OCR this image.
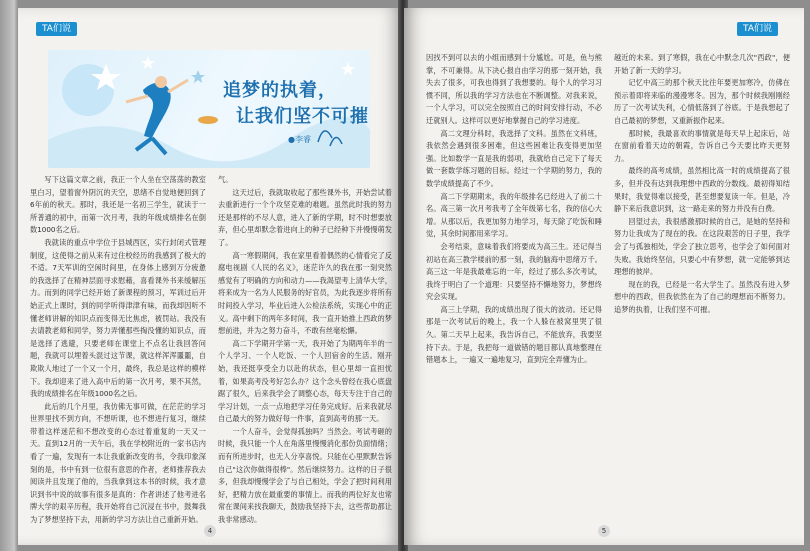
TA们说
追梦的执着，
让我们坚不可摧
●李睿

写下这篇文章之前，我正一个人坐在空荡荡的教室里白习，望着窗外阴沉的天空，思绪不自觉地便回到了6年前的秋天。那时，我还是一名初三学生，就读于一所普通的初中，而第一次月考，我的年级成绩排名在倒数1000名之后。

我就读的重点中学位于县城西区，实行封闭式管理制度，这使得之前从来有过住校经历的我感到了极大的不适。7天军训的空闲时间里，在身体上感到万分疲惫的我选择了在精神层面寻求慰藉，喜看课外书来缓解压力。而到的同学已经开始了新课程的预习，军训过后开始正式上课时，到的同学听得津津有味，而我却因听不懂老师讲解的知识点而变得无比焦虑，被罚站。我没有去请教老师和同学，努力弄懂那些掏没懂的知识点，而是选择了逃避，只要老师在课堂上不点名让我回答问题，我就可以埋着头混过这节课，就这样浑浑噩噩，自欺欺人地过了一个又一个月，最终，我总是这样的模样下。我却迎来了进入高中后的第一次月考，果不其然，我的成绩排名在年级1000名之后。

此后的几个月里，我仿佛无事可做，在茫茫的学习世界里找不到方向，不想听课，也不想进行复习，继续带着这样迷茫和不想改变的心态过着重复的一天又一天。直到12月的一天午后，我在学校附近的一家书店内看了一遍，发现有一本让我重新改变的书，令我印象深刻的是，书中有到一位很有意思的作者，老师推荐我去阅读并且发现了他的，当我拿到这本书的时候，我才意识到书中说的故事有很多是真的：作者讲述了他考进名牌大学的艰辛历程，我开始将自己沉浸在书中，鼓舞我为了梦想坚持下去，用新的学习方法让自己重新开始。

气。

这天过后，我就取收起了那些课外书，开始尝试着去重新进行一个个攻坚克难的难题。虽然此时我的努力还是那样的不尽人意，进入了新的学期，时不时想要放弃，但心里却默念着进向上的种子已经种下并慢慢萌发了。

高一寒假期间，我在家里看着偶然的心情看完了反腐电视剧《人民的名义》，迷茫许久的我在那一刻突然感觉有了明确的方向和动力——我渴望考上清华大学，将来成为一名为人民服务的好官员，为此我逐步将所有时间投入学习，毕业后进入公检法系统，实现心中的正义。高中剩下的两年多时间，我一直开始推上西政的梦想前进，并为之努力奋斗，不敢有丝毫松懈。

高二下学期开学第一天，我开始了为期两年半的一个人学习、一个人吃饭、一个人回宿舍的生活。刚开始，我还挺享受全力以赴的状态，但心里却一直担忧着，如果高考没考好怎么办？这个念头曾经在我心底盘踞了很久，后来我学会了调整心态，每天专注于自己的学习计划，一点一点地把学习任务完成好。后来我就尽自己最大的努力做好每一件事，直到高考的那一天。

一个人奋斗，会觉得孤独吗？当然会。考试考砸的时候，我只能一个人在角落里慢慢消化那份负面情绪；而有所进步时，也无人分享喜悦。只能在心里默默告诉自己"这次你做得很棒"。然后继续努力。这样的日子很多，但我却慢慢学会了与自己相处，学会了把时间利用好，把精力放在最重要的事情上。而我的两位好友也常常在课间来找我聊天，鼓励我坚持下去，这些帮助都让我非常感动。

4
TA们说

因找不到可以去的小组而感到十分尴尬。可是，鱼与熊掌，不可兼得。从下决心报自由学习的那一刻开始，我失去了很多，可我也得到了我想要的。每个人的学习习惯不同，所以我的学习方法也在不断调整。对我来说，一个人学习，可以完全按照自己的时间安排行动，不必迁就别人。这样可以更好地掌握自己的学习进度。

高二文理分科时，我选择了文科。虽然在文科班，我依然会遇到很多困难，但这些困难让我变得更加坚强。比如数学一直是我的弱项，我就给自己定下了每天做一套数学练习题的目标。经过一个学期的努力，我的数学成绩提高了不少。

高二下学期期末，我的年级排名已经进入了前二十名。高三第一次月考我考了全年级第七名，我的信心大增。从那以后，我更加努力地学习，每天除了吃饭和睡觉，其余时间都用来学习。

会考结束，意味着我们将要成为高三生。还记得当初站在高三教学楼前的那一刻，我的脑海中思绪万千。高三这一年是我最难忘的一年，经过了那么多次考试，我终于明白了一个道理：只要坚持不懈地努力，梦想终究会实现。

高三上学期，我的成绩出现了很大的波动。还记得那是一次考试后的晚上，我一个人躲在被窝里哭了很久。第二天早上起来，我告诉自己，不能放弃，我要坚持下去。于是，我把每一道做错的题目都认真地整理在错题本上，一遍又一遍地复习，直到完全弄懂为止。

越近的未来。到了寒假，我在心中默念几次"西政"，便开始了新一天的学习。

记忆中高三的那个秋天比往年要更加寒冷，仿佛在预示着即将来临的漫漫寒冬。因为，那个时候我刚刚经历了一次考试失利，心情低落到了谷底。于是我想起了自己最初的梦想，又重新振作起来。

那时候，我最喜欢的事情就是每天早上起床后，站在窗前看着天边的朝霞，告诉自己今天要比昨天更努力。

最终的高考成绩，虽然相比高一时的成绩提高了很多，但并没有达到我理想中西政的分数线。最初得知结果时，我觉得难以接受，甚至想要复读一年。但是，冷静下来后我意识到，这一路走来的努力并没有白费。

回望过去，我很感激那时候的自己，是她的坚持和努力让我成为了现在的我。在这段艰苦的日子里，我学会了与孤独相处，学会了独立思考，也学会了如何面对失败。我始终坚信，只要心中有梦想，就一定能够到达理想的彼岸。

现在的我，已经是一名大学生了。虽然没有进入梦想中的西政，但我依然在为了自己的理想而不断努力。追梦的执着，让我们坚不可摧。

5
